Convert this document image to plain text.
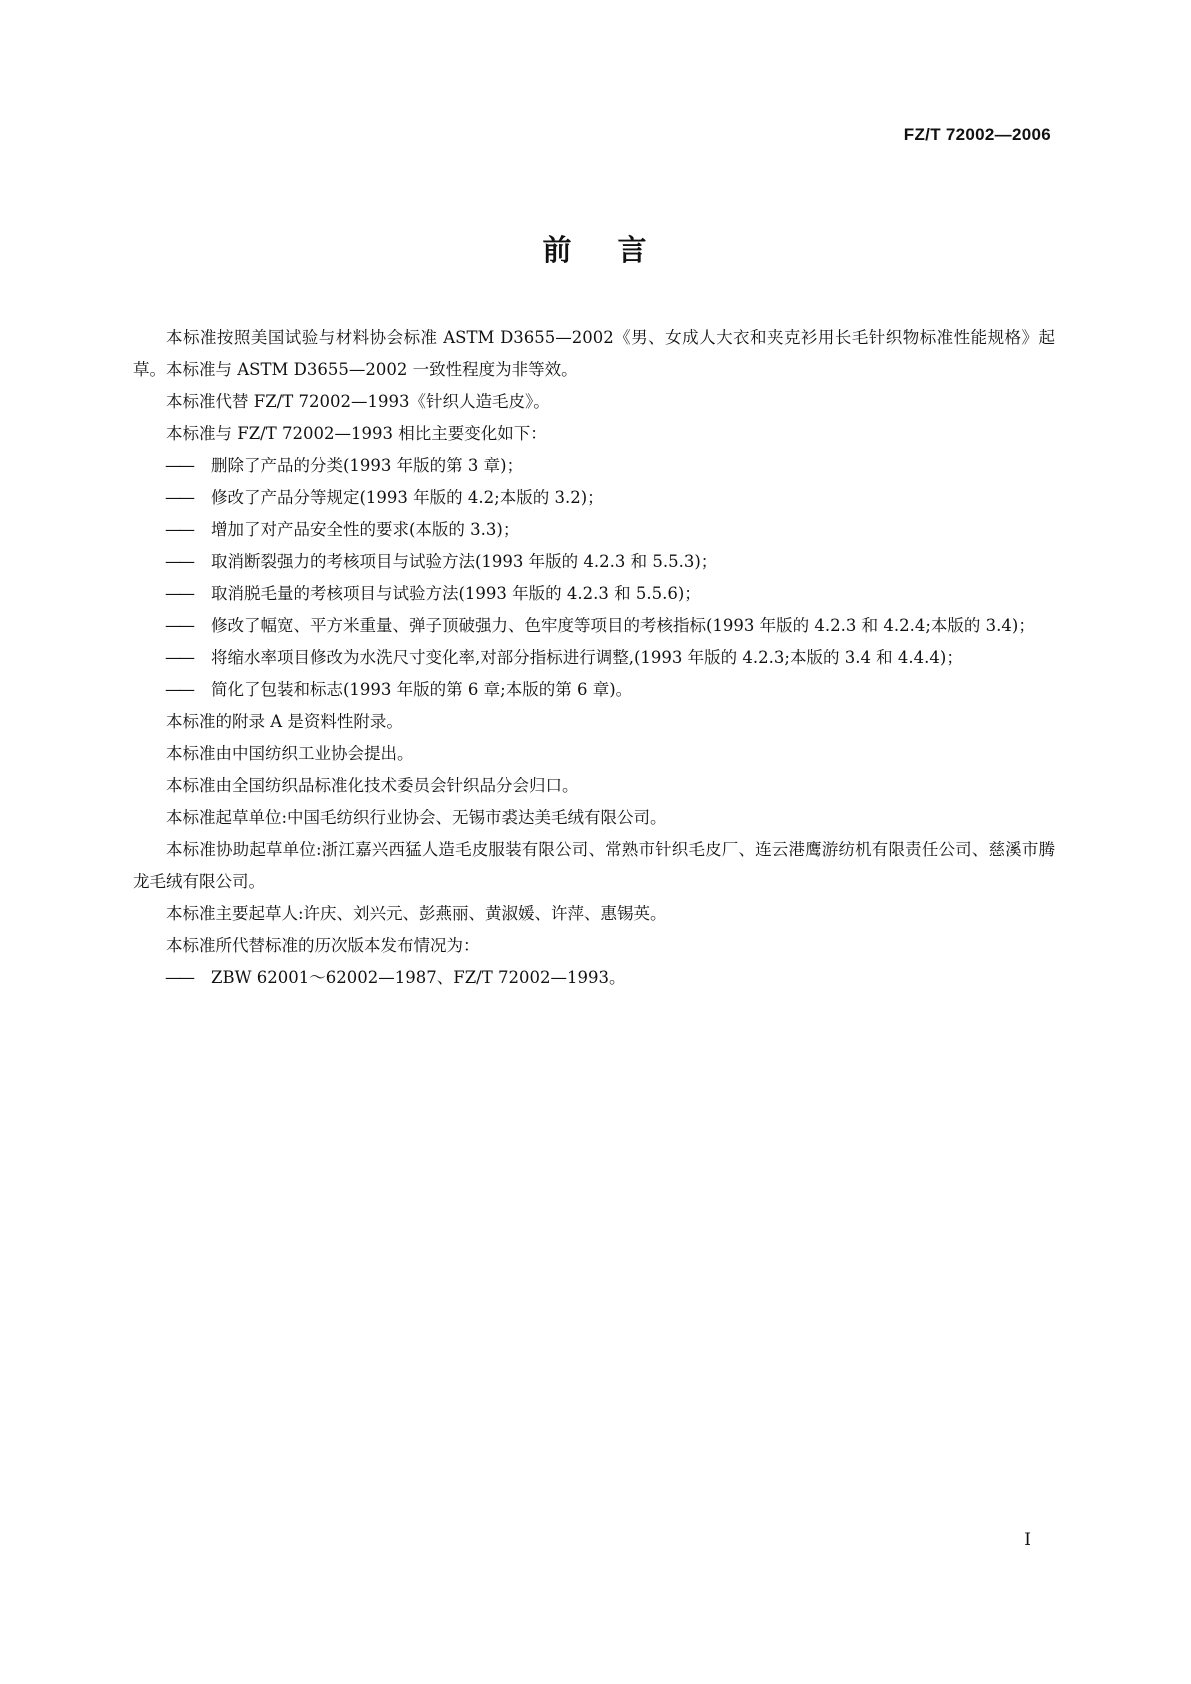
FZ/T 72002—2006
前 言

本标准按照美国试验与材料协会标准 ASTM D3655—2002《男、女成人大衣和夹克衫用长毛针织物标准性能规格》起草。本标准与 ASTM D3655—2002 一致性程度为非等效。

本标准代替 FZ/T 72002—1993《针织人造毛皮》。

本标准与 FZ/T 72002—1993 相比主要变化如下：

—— 删除了产品的分类(1993 年版的第 3 章)；

—— 修改了产品分等规定(1993 年版的 4.2;本版的 3.2)；

—— 增加了对产品安全性的要求(本版的 3.3)；

—— 取消断裂强力的考核项目与试验方法(1993 年版的 4.2.3 和 5.5.3)；

—— 取消脱毛量的考核项目与试验方法(1993 年版的 4.2.3 和 5.5.6)；

—— 修改了幅宽、平方米重量、弹子顶破强力、色牢度等项目的考核指标(1993 年版的 4.2.3 和 4.2.4;本版的 3.4)；

—— 将缩水率项目修改为水洗尺寸变化率,对部分指标进行调整,(1993 年版的 4.2.3;本版的 3.4 和 4.4.4)；

—— 简化了包装和标志(1993 年版的第 6 章;本版的第 6 章)。

本标准的附录 A 是资料性附录。

本标准由中国纺织工业协会提出。

本标准由全国纺织品标准化技术委员会针织品分会归口。

本标准起草单位:中国毛纺织行业协会、无锡市裘达美毛绒有限公司。

本标准协助起草单位:浙江嘉兴西猛人造毛皮服装有限公司、常熟市针织毛皮厂、连云港鹰游纺机有限责任公司、慈溪市腾龙毛绒有限公司。

本标准主要起草人:许庆、刘兴元、彭燕丽、黄淑媛、许萍、惠锡英。

本标准所代替标准的历次版本发布情况为：

—— ZBW 62001～62002—1987、FZ/T 72002—1993。

I
